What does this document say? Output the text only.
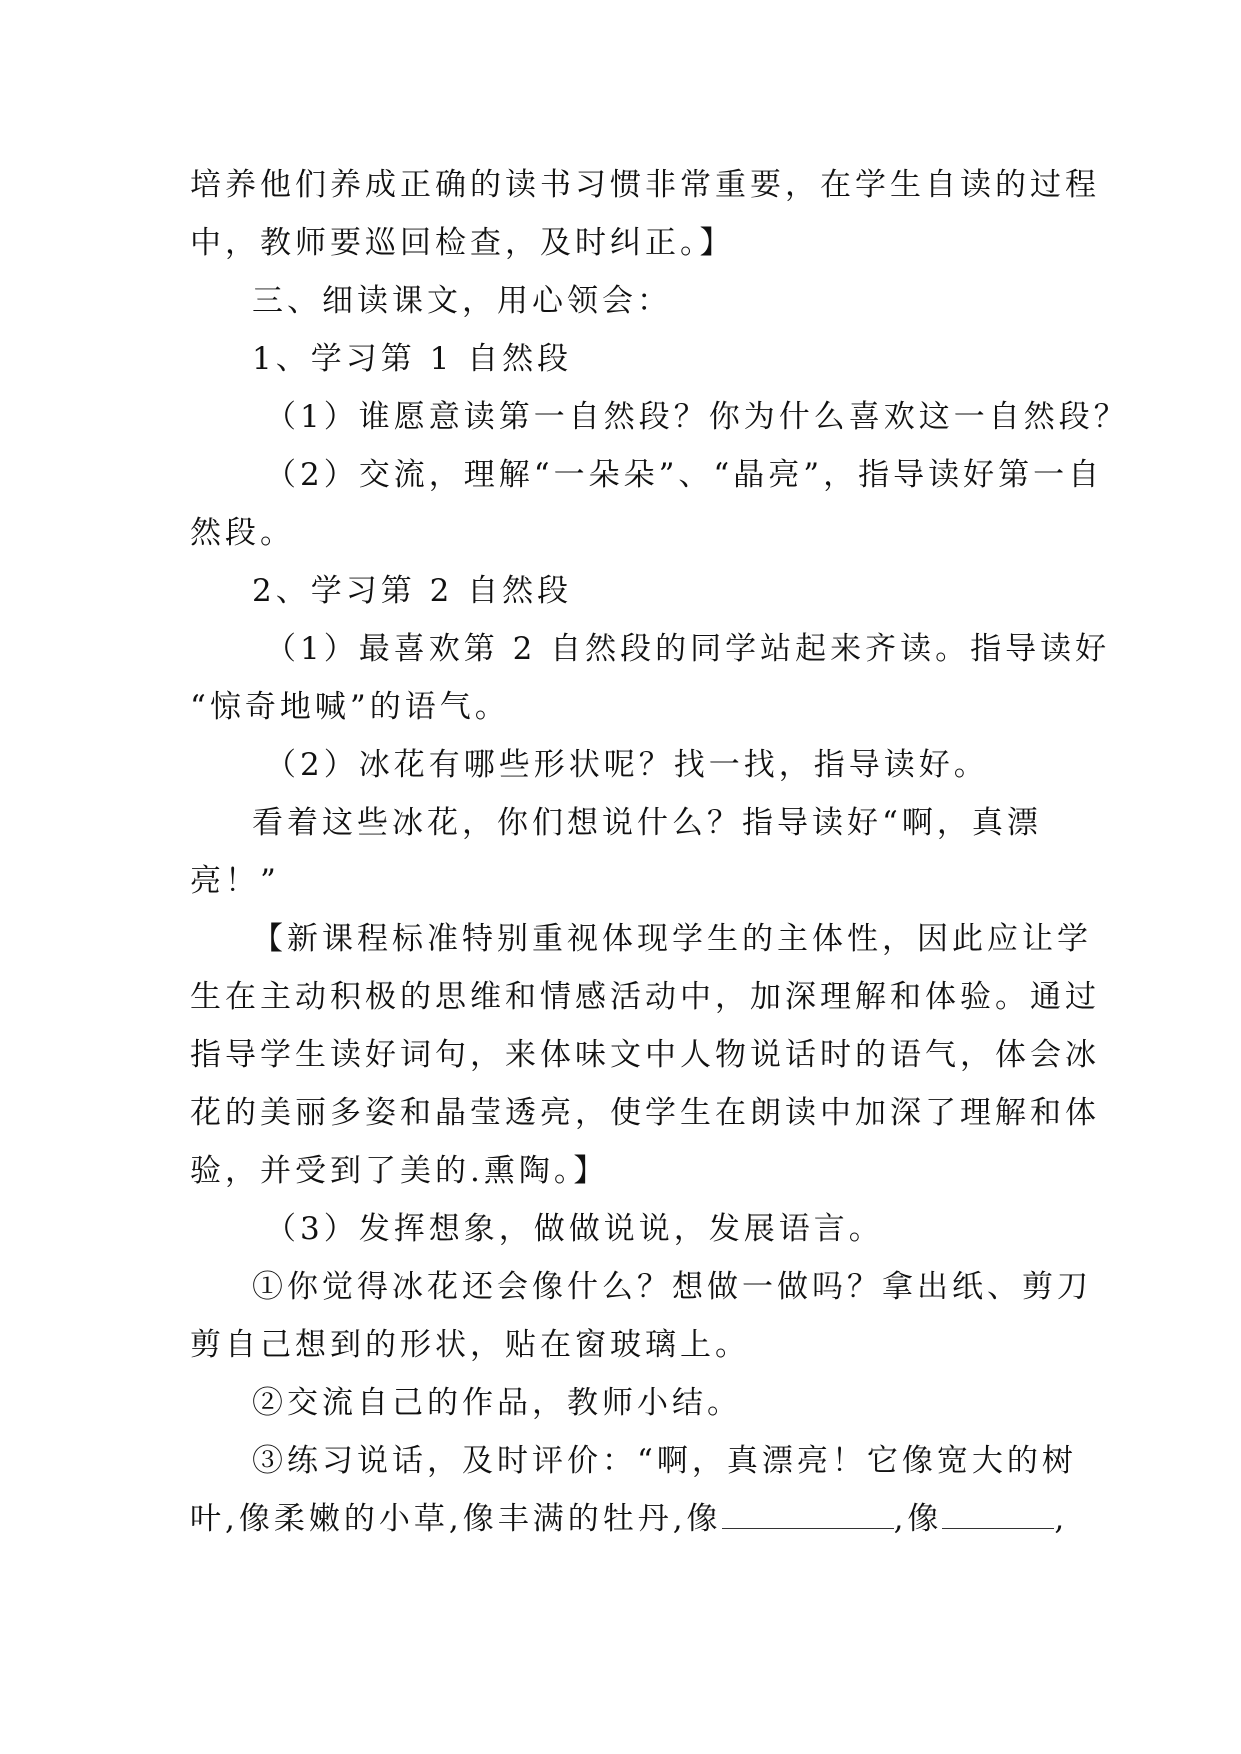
培养他们养成正确的读书习惯非常重要，在学生自读的过程
中，教师要巡回检查，及时纠正。】
三、细读课文，用心领会：
1、学习第 1 自然段
（1）谁愿意读第一自然段？你为什么喜欢这一自然段？
（2）交流，理解“一朵朵”、“晶亮”，指导读好第一自
然段。
2、学习第 2 自然段
（1）最喜欢第 2 自然段的同学站起来齐读。指导读好
“惊奇地喊”的语气。
（2）冰花有哪些形状呢？找一找，指导读好。
看着这些冰花，你们想说什么？指导读好“啊，真漂
亮！”
【新课程标准特别重视体现学生的主体性，因此应让学
生在主动积极的思维和情感活动中，加深理解和体验。通过
指导学生读好词句，来体味文中人物说话时的语气，体会冰
花的美丽多姿和晶莹透亮，使学生在朗读中加深了理解和体
验，并受到了美的.熏陶。】
（3）发挥想象，做做说说，发展语言。
①你觉得冰花还会像什么？想做一做吗？拿出纸、剪刀
剪自己想到的形状，贴在窗玻璃上。
②交流自己的作品，教师小结。
③练习说话，及时评价：“啊，真漂亮！它像宽大的树
叶,像柔嫩的小草,像丰满的牡丹,像	,像	,
